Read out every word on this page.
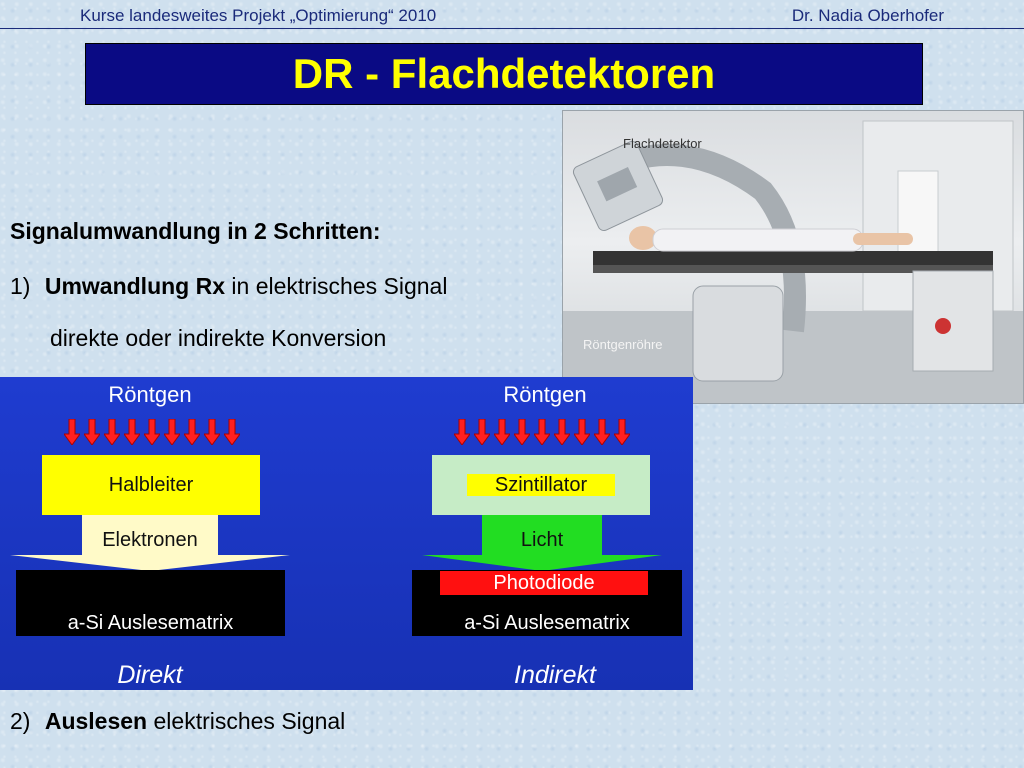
Kurse landesweites Projekt „Optimierung“ 2010	Dr. Nadia Oberhofer
DR - Flachdetektoren
Flachdetektor
Röntgenröhre
Signalumwandlung in 2 Schritten:
1) Umwandlung Rx in elektrisches Signal
direkte oder indirekte Konversion
Röntgen
Halbleiter
Elektronen
a-Si Auslesematrix
Direkt
Röntgen
Szintillator
Licht
a-Si Auslesematrix
Photodiode
Indirekt
2) Auslesen elektrisches Signal
